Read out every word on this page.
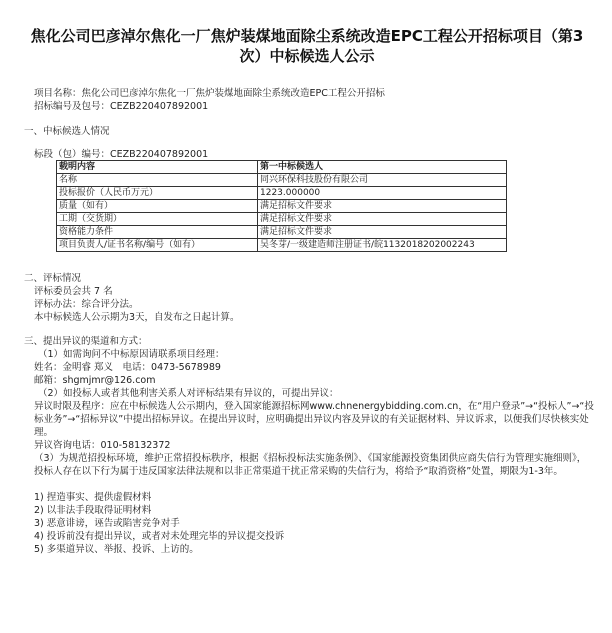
焦化公司巴彦淖尔焦化一厂焦炉装煤地面除尘系统改造EPC工程公开招标项目（第3次）中标候选人公示
项目名称：焦化公司巴彦淖尔焦化一厂焦炉装煤地面除尘系统改造EPC工程公开招标
招标编号及包号：CEZB220407892001
一、中标候选人情况
标段（包）编号：CEZB220407892001
载明内容	第一中标候选人
名称	同兴环保科技股份有限公司
投标报价（人民币万元）	1223.000000
质量（如有）	满足招标文件要求
工期（交货期）	满足招标文件要求
资格能力条件	满足招标文件要求
项目负责人/证书名称/编号（如有）	吴冬芽/一级建造师注册证书/皖1132018202002243
二、评标情况
评标委员会共 7 名
评标办法：综合评分法。
本中标候选人公示期为3天，自发布之日起计算。
三、提出异议的渠道和方式：
（1）如需询问不中标原因请联系项目经理：
姓名：金明睿 郑义　电话：0473-5678989
邮箱：shgmjmr@126.com
（2）如投标人或者其他利害关系人对评标结果有异议的，可提出异议：
异议时限及程序：应在中标候选人公示期内，登入国家能源招标网www.chnenergybidding.com.cn，在“用户登录”→“投标人”→“投标业务”→“招标异议”中提出招标异议。在提出异议时，应明确提出异议内容及异议的有关证据材料、异议诉求，以便我们尽快核实处理。
异议咨询电话：010-58132372
（3）为规范招投标环境，维护正常招投标秩序，根据《招标投标法实施条例》、《国家能源投资集团供应商失信行为管理实施细则》，投标人存在以下行为属于违反国家法律法规和以非正常渠道干扰正常采购的失信行为，将给予“取消资格”处置，期限为1-3年。
1) 捏造事实、提供虚假材料
2) 以非法手段取得证明材料
3) 恶意诽谤，诬告或陷害竞争对手
4) 投诉前没有提出异议，或者对未处理完毕的异议提交投诉
5) 多渠道异议、举报、投诉、上访的。
